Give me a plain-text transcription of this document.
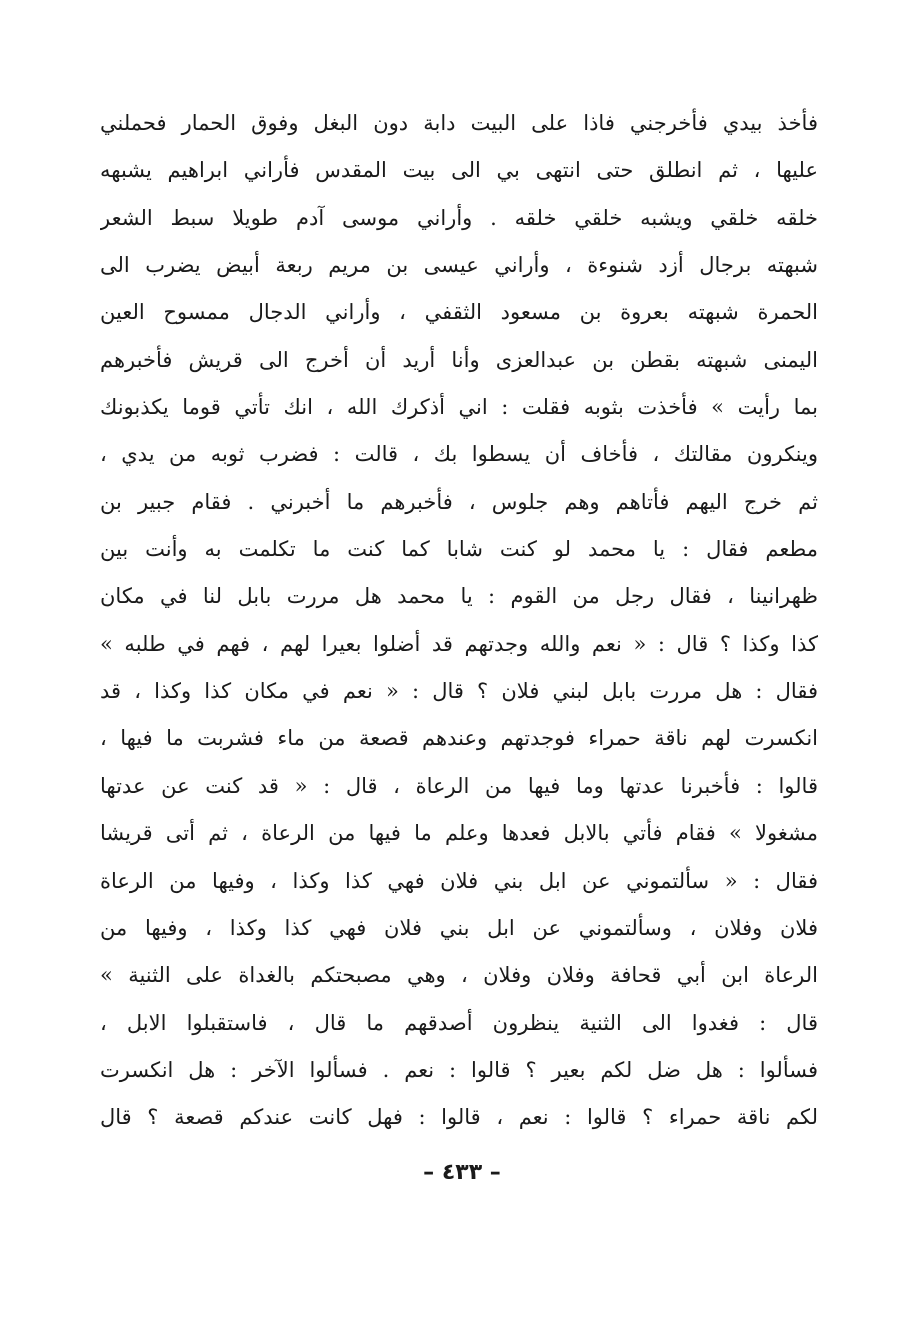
فأخذ بيدي فأخرجني فاذا على البيت دابة دون البغل وفوق الحمار فحملني
عليها ، ثم انطلق حتى انتهى بي الى بيت المقدس فأراني ابراهيم يشبهه
خلقه خلقي ويشبه خلقي خلقه . وأراني موسى آدم طويلا سبط الشعر
شبهته برجال أزد شنوءة ، وأراني عيسى بن مريم ربعة أبيض يضرب الى
الحمرة شبهته بعروة بن مسعود الثقفي ، وأراني الدجال ممسوح العين
اليمنى شبهته بقطن بن عبدالعزى وأنا أريد أن أخرج الى قريش فأخبرهم
بما رأيت » فأخذت بثوبه فقلت : اني أذكرك الله ، انك تأتي قوما يكذبونك
وينكرون مقالتك ، فأخاف أن يسطوا بك ، قالت : فضرب ثوبه من يدي ،
ثم خرج اليهم فأتاهم وهم جلوس ، فأخبرهم ما أخبرني . فقام جبير بن
مطعم فقال : يا محمد لو كنت شابا كما كنت ما تكلمت به وأنت بين
ظهرانينا ، فقال رجل من القوم : يا محمد هل مررت بابل لنا في مكان
كذا وكذا ؟ قال : « نعم والله وجدتهم قد أضلوا بعيرا لهم ، فهم في طلبه »
فقال : هل مررت بابل لبني فلان ؟ قال : « نعم في مكان كذا وكذا ، قد
انكسرت لهم ناقة حمراء فوجدتهم وعندهم قصعة من ماء فشربت ما فيها ،
قالوا : فأخبرنا عدتها وما فيها من الرعاة ، قال : « قد كنت عن عدتها
مشغولا » فقام فأتي بالابل فعدها وعلم ما فيها من الرعاة ، ثم أتى قريشا
فقال : « سألتموني عن ابل بني فلان فهي كذا وكذا ، وفيها من الرعاة
فلان وفلان ، وسألتموني عن ابل بني فلان فهي كذا وكذا ، وفيها من
الرعاة ابن أبي قحافة وفلان وفلان ، وهي مصبحتكم بالغداة على الثنية »
قال : فغدوا الى الثنية ينظرون أصدقهم ما قال ، فاستقبلوا الابل ،
فسألوا : هل ضل لكم بعير ؟ قالوا : نعم . فسألوا الآخر : هل انكسرت
لكم ناقة حمراء ؟ قالوا : نعم ، قالوا : فهل كانت عندكم قصعة ؟ قال
– ٤٣٣ –
